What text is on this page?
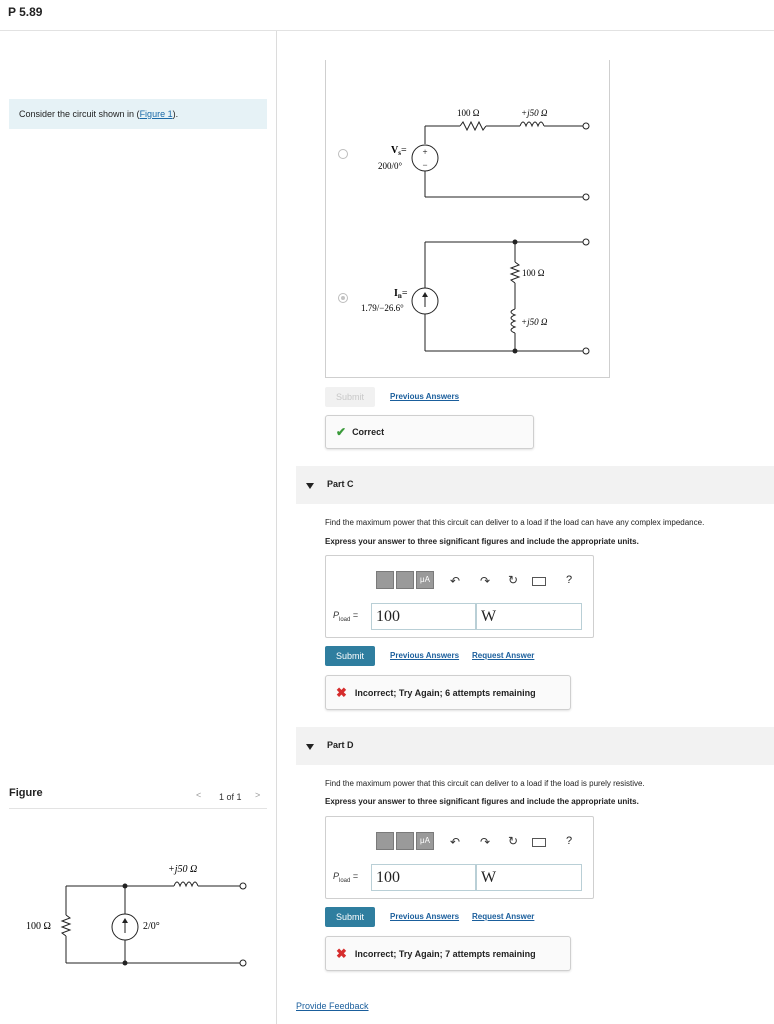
P 5.89
Consider the circuit shown in (Figure 1).
Figure	< 1 of 1 >
+j50 Ω
100 Ω	2/0°
+
−
100 Ω	+j50 Ω
$V_s=$
200/0°
100 Ω
+j50 Ω
$I_n=$
1.79/−26.6°
Submit	Previous Answers
✔ Correct
Part C
Find the maximum power that this circuit can deliver to a load if the load can have any complex impedance.
Express your answer to three significant figures and include the appropriate units.
μA	↶ ↷ ↻	?
$P_{load}$ =	100	W
Submit	Previous Answers Request Answer
✖ Incorrect; Try Again; 6 attempts remaining
Part D
Find the maximum power that this circuit can deliver to a load if the load is purely resistive.
Express your answer to three significant figures and include the appropriate units.
μA	↶ ↷ ↻	?
$P_{load}$ =	100	W
Submit	Previous Answers Request Answer
✖ Incorrect; Try Again; 7 attempts remaining
Provide Feedback
